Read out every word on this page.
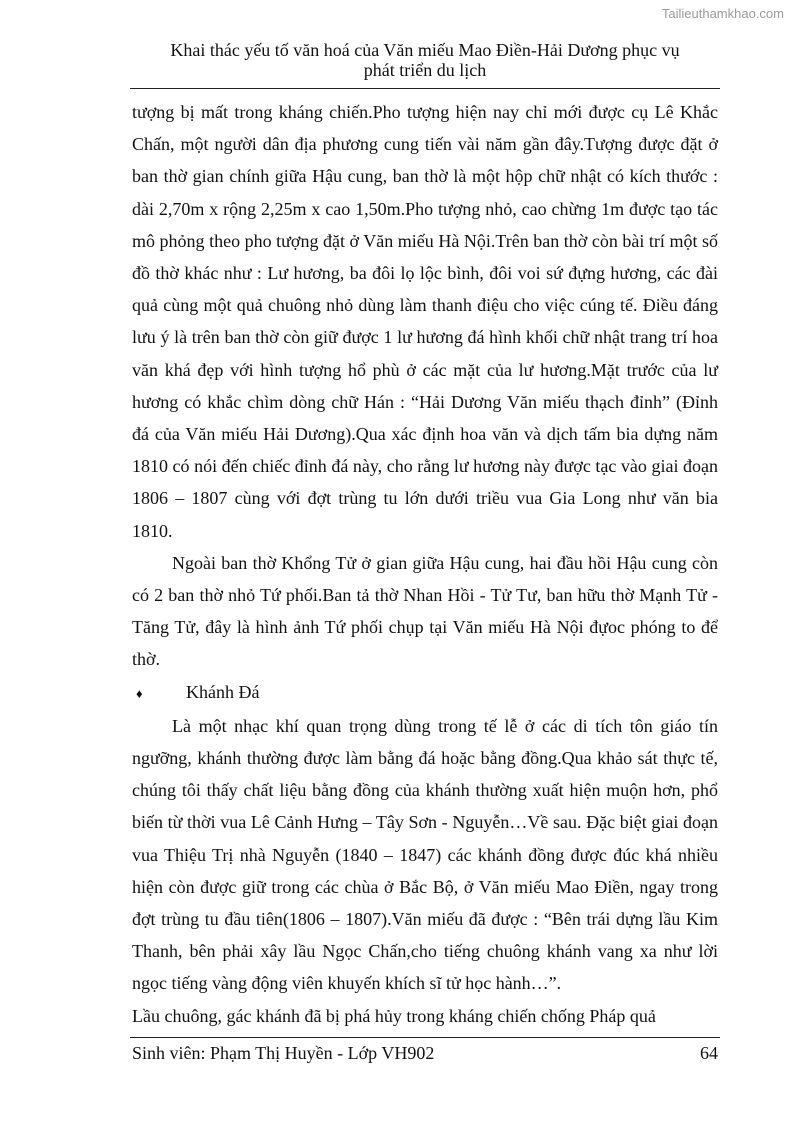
Tailieuthamkhao.com
Khai thác yếu tố văn hoá của Văn miếu Mao Điền-Hải Dương phục vụ
phát triển du lịch

tượng bị mất trong kháng chiến.Pho tượng hiện nay chỉ mới được cụ Lê Khắc Chấn, một người dân địa phương cung tiến vài năm gần đây.Tượng được đặt ở ban thờ gian chính giữa Hậu cung, ban thờ là một hộp chữ nhật có kích thước : dài 2,70m x rộng 2,25m x cao 1,50m.Pho tượng nhỏ, cao chừng 1m được tạo tác mô phỏng theo pho tượng đặt ở Văn miếu Hà Nội.Trên ban thờ còn bài trí một số đồ thờ khác như : Lư hương, ba đôi lọ lộc bình, đôi voi sứ đựng hương, các đài quả cùng một quả chuông nhỏ dùng làm thanh điệu cho việc cúng tế. Điều đáng lưu ý là trên ban thờ còn giữ được 1 lư hương đá hình khối chữ nhật trang trí hoa văn khá đẹp với hình tượng hổ phù ở các mặt của lư hương.Mặt trước của lư hương có khắc chìm dòng chữ Hán : “Hải Dương Văn miếu thạch đỉnh” (Đỉnh đá của Văn miếu Hải Dương).Qua xác định hoa văn và dịch tấm bia dựng năm 1810 có nói đến chiếc đỉnh đá này, cho rằng lư hương này được tạc vào giai đoạn 1806 – 1807 cùng với đợt trùng tu lớn dưới triều vua Gia Long như văn bia 1810.

Ngoài ban thờ Khổng Tử ở gian giữa Hậu cung, hai đầu hồi Hậu cung còn có 2 ban thờ nhỏ Tứ phối.Ban tả thờ Nhan Hồi - Tử Tư, ban hữu thờ Mạnh Tử - Tăng Tử, đây là hình ảnh Tứ phối chụp tại Văn miếu Hà Nội đựoc phóng to để thờ.

♦	Khánh Đá

Là một nhạc khí quan trọng dùng trong tế lễ ở các di tích tôn giáo tín ngưỡng, khánh thường được làm bằng đá hoặc bằng đồng.Qua khảo sát thực tế, chúng tôi thấy chất liệu bằng đồng của khánh thường xuất hiện muộn hơn, phổ biến từ thời vua Lê Cảnh Hưng – Tây Sơn - Nguyễn…Về sau. Đặc biệt giai đoạn vua Thiệu Trị nhà Nguyễn (1840 – 1847) các khánh đồng được đúc khá nhiều hiện còn được giữ trong các chùa ở Bắc Bộ, ở Văn miếu Mao Điền, ngay trong đợt trùng tu đầu tiên(1806 – 1807).Văn miếu đã được : “Bên trái dựng lầu Kim Thanh, bên phải xây lầu Ngọc Chấn,cho tiếng chuông khánh vang xa như lời ngọc tiếng vàng động viên khuyến khích sĩ tử học hành…”.

Lầu chuông, gác khánh đã bị phá hủy trong kháng chiến chống Pháp quả

Sinh viên: Phạm Thị Huyền - Lớp VH902	64
